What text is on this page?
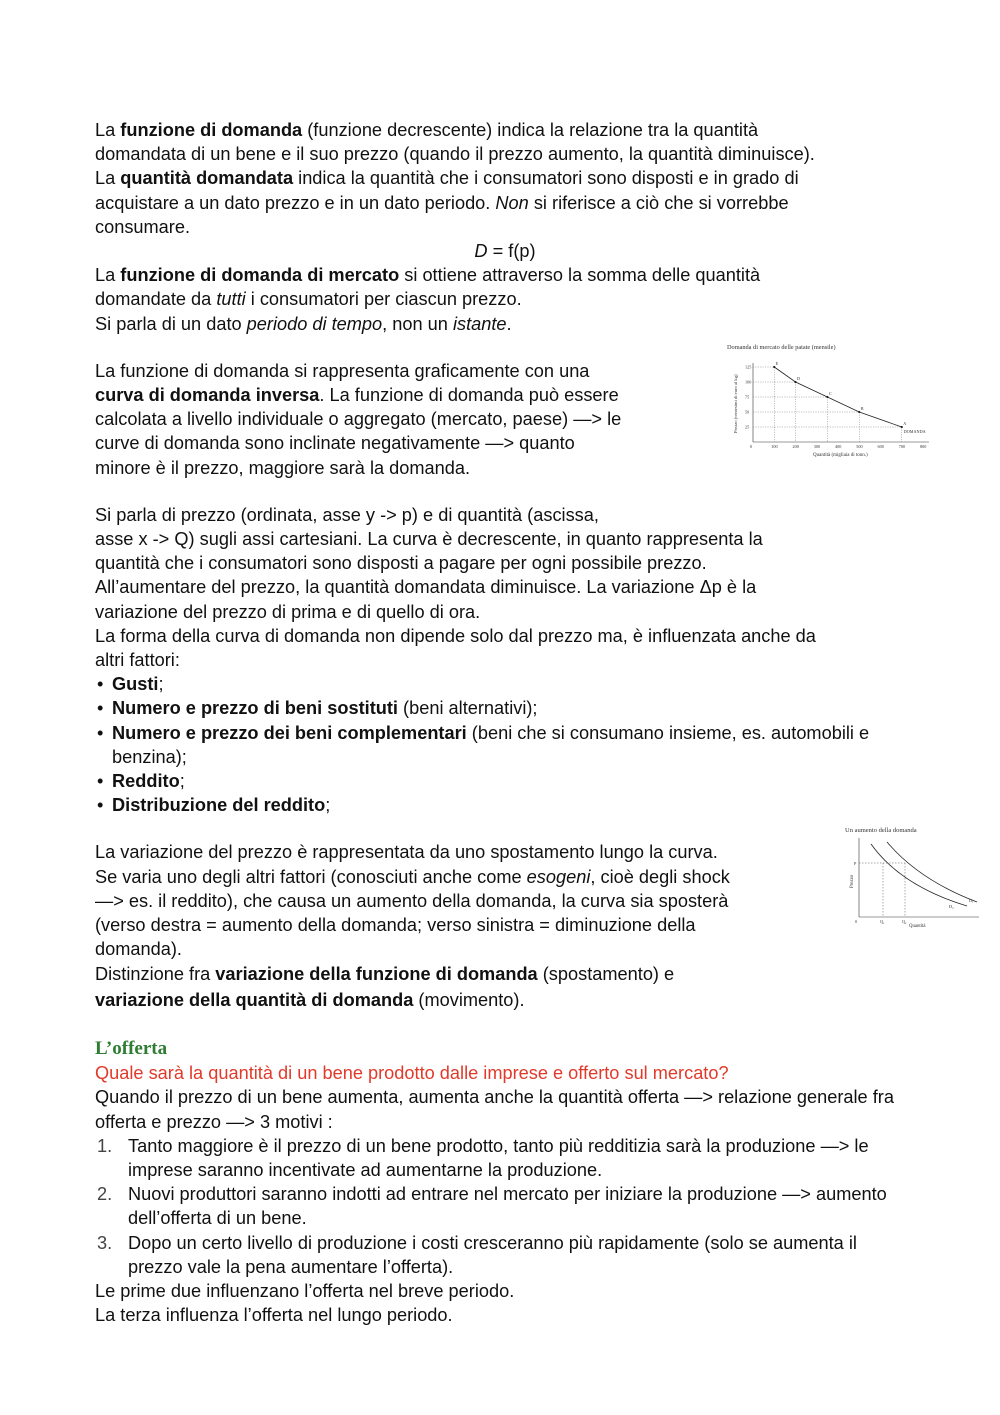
La funzione di domanda (funzione decrescente) indica la relazione tra la quantità
domandata di un bene e il suo prezzo (quando il prezzo aumento, la quantità diminuisce).
La quantità domandata indica la quantità che i consumatori sono disposti e in grado di
acquistare a un dato prezzo e in un dato periodo. Non si riferisce a ciò che si vorrebbe
consumare.

D = f(p)

La funzione di domanda di mercato si ottiene attraverso la somma delle quantità
domandate da tutti i consumatori per ciascun prezzo.
Si parla di un dato periodo di tempo, non un istante.

La funzione di domanda si rappresenta graficamente con una
curva di domanda inversa. La funzione di domanda può essere
calcolata a livello individuale o aggregato (mercato, paese) —> le
curve di domanda sono inclinate negativamente —> quanto
minore è il prezzo, maggiore sarà la domanda.

Domanda di mercato delle patate (mensile)
Prezzo (centesimi di euro al kg)
Quantità (migliaia di tonn.)
0	100	200	300	400	500	600	700	800
25
50
75
100
125
E
D
C
B
A
DOMANDA

Si parla di prezzo (ordinata, asse y -> p) e di quantità (ascissa,
asse x -> Q) sugli assi cartesiani. La curva è decrescente, in quanto rappresenta la
quantità che i consumatori sono disposti a pagare per ogni possibile prezzo.
All’aumentare del prezzo, la quantità domandata diminuisce. La variazione Δp è la
variazione del prezzo di prima e di quello di ora.
La forma della curva di domanda non dipende solo dal prezzo ma, è influenzata anche da
altri fattori:

• Gusti;
• Numero e prezzo di beni sostituti (beni alternativi);
• Numero e prezzo dei beni complementari (beni che si consumano insieme, es. automobili e benzina);
• Reddito;
• Distribuzione del reddito;

La variazione del prezzo è rappresentata da uno spostamento lungo la curva.
Se varia uno degli altri fattori (conosciuti anche come esogeni, cioè degli shock
—> es. il reddito), che causa un aumento della domanda, la curva sia sposterà
(verso destra = aumento della domanda; verso sinistra = diminuzione della
domanda).

Distinzione fra variazione della funzione di domanda (spostamento) e
variazione della quantità di domanda (movimento).

Un aumento della domanda
Prezzo
Quantità
0	Q₁	Q₂
P
D₂
D₁

L’offerta

Quale sarà la quantità di un bene prodotto dalle imprese e offerto sul mercato?

Quando il prezzo di un bene aumenta, aumenta anche la quantità offerta —> relazione generale fra offerta e prezzo —> 3 motivi :

1. Tanto maggiore è il prezzo di un bene prodotto, tanto più redditizia sarà la produzione —> le imprese saranno incentivate ad aumentarne la produzione.
2. Nuovi produttori saranno indotti ad entrare nel mercato per iniziare la produzione —> aumento dell’offerta di un bene.
3. Dopo un certo livello di produzione i costi cresceranno più rapidamente (solo se aumenta il prezzo vale la pena aumentare l’offerta).

Le prime due influenzano l’offerta nel breve periodo.

La terza influenza l’offerta nel lungo periodo.
